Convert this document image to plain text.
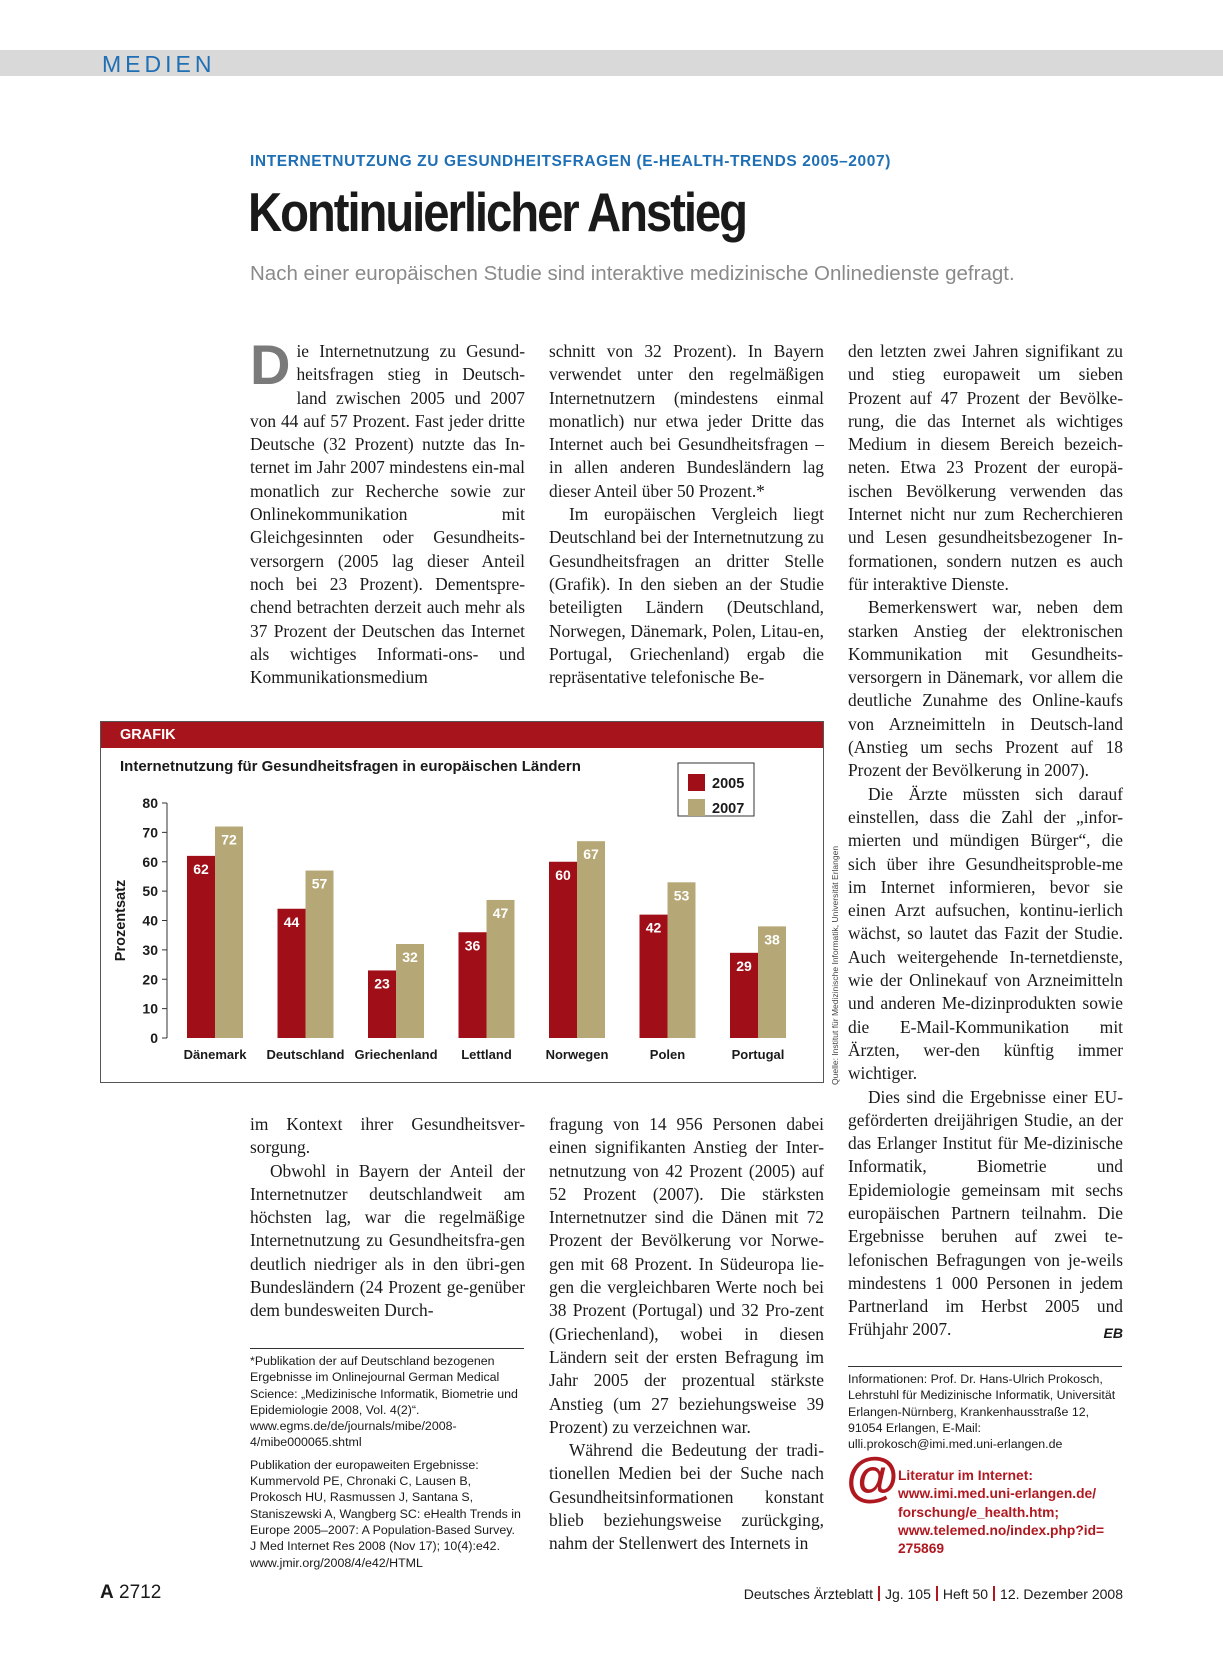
MEDIEN
INTERNETNUTZUNG ZU GESUNDHEITSFRAGEN (E-HEALTH-TRENDS 2005–2007)
Kontinuierlicher Anstieg
Nach einer europäischen Studie sind interaktive medizinische Onlinedienste gefragt.

Die Internetnutzung zu Gesund-heitsfragen stieg in Deutsch-land zwischen 2005 und 2007 von 44 auf 57 Prozent. Fast jeder dritte Deutsche (32 Prozent) nutzte das In-ternet im Jahr 2007 mindestens ein-mal monatlich zur Recherche sowie zur Onlinekommunikation mit Gleichgesinnten oder Gesundheits-versorgern (2005 lag dieser Anteil noch bei 23 Prozent). Dementspre-chend betrachten derzeit auch mehr als 37 Prozent der Deutschen das Internet als wichtiges Informati-ons- und Kommunikationsmedium

schnitt von 32 Prozent). In Bayern verwendet unter den regelmäßigen Internetnutzern (mindestens einmal monatlich) nur etwa jeder Dritte das Internet auch bei Gesundheitsfragen – in allen anderen Bundesländern lag dieser Anteil über 50 Prozent.*

Im europäischen Vergleich liegt Deutschland bei der Internetnutzung zu Gesundheitsfragen an dritter Stelle (Grafik). In den sieben an der Studie beteiligten Ländern (Deutschland, Norwegen, Dänemark, Polen, Litau-en, Portugal, Griechenland) ergab die repräsentative telefonische Be-

den letzten zwei Jahren signifikant zu und stieg europaweit um sieben Prozent auf 47 Prozent der Bevölke-rung, die das Internet als wichtiges Medium in diesem Bereich bezeich-neten. Etwa 23 Prozent der europä-ischen Bevölkerung verwenden das Internet nicht nur zum Recherchieren und Lesen gesundheitsbezogener In-formationen, sondern nutzen es auch für interaktive Dienste.

Bemerkenswert war, neben dem starken Anstieg der elektronischen Kommunikation mit Gesundheits-versorgern in Dänemark, vor allem die deutliche Zunahme des Online-kaufs von Arzneimitteln in Deutsch-land (Anstieg um sechs Prozent auf 18 Prozent der Bevölkerung in 2007).

Die Ärzte müssten sich darauf einstellen, dass die Zahl der „infor-mierten und mündigen Bürger“, die sich über ihre Gesundheitsproble-me im Internet informieren, bevor sie einen Arzt aufsuchen, kontinu-ierlich wächst, so lautet das Fazit der Studie. Auch weitergehende In-ternetdienste, wie der Onlinekauf von Arzneimitteln und anderen Me-dizinprodukten sowie die E-Mail-Kommunikation mit Ärzten, wer-den künftig immer wichtiger.

Dies sind die Ergebnisse einer EU-geförderten dreijährigen Studie, an der das Erlanger Institut für Me-dizinische Informatik, Biometrie und Epidemiologie gemeinsam mit sechs europäischen Partnern teilnahm. Die Ergebnisse beruhen auf zwei te-lefonischen Befragungen von je-weils mindestens 1 000 Personen in jedem Partnerland im Herbst 2005 und Frühjahr 2007.	EB
GRAFIK
Internetnutzung für Gesundheitsfragen in europäischen Ländern
0
10
20
30
40
50
60
70
80
Prozentsatz
62
72
Dänemark
44
57
Deutschland
23
32
Griechenland
36
47
Lettland
60
67
Norwegen
42
53
Polen
29
38
Portugal
2005
2007
Quelle: Institut für Medizinische Informatik, Universität Erlangen

im Kontext ihrer Gesundheitsver-sorgung.

Obwohl in Bayern der Anteil der Internetnutzer deutschlandweit am höchsten lag, war die regelmäßige Internetnutzung zu Gesundheitsfra-gen deutlich niedriger als in den übri-gen Bundesländern (24 Prozent ge-genüber dem bundesweiten Durch-

fragung von 14 956 Personen dabei einen signifikanten Anstieg der Inter-netnutzung von 42 Prozent (2005) auf 52 Prozent (2007). Die stärksten Internetnutzer sind die Dänen mit 72 Prozent der Bevölkerung vor Norwe-gen mit 68 Prozent. In Südeuropa lie-gen die vergleichbaren Werte noch bei 38 Prozent (Portugal) und 32 Pro-zent (Griechenland), wobei in diesen Ländern seit der ersten Befragung im Jahr 2005 der prozentual stärkste Anstieg (um 27 beziehungsweise 39 Prozent) zu verzeichnen war.

Während die Bedeutung der tradi-tionellen Medien bei der Suche nach Gesundheitsinformationen konstant blieb beziehungsweise zurückging, nahm der Stellenwert des Internets in

*Publikation der auf Deutschland bezogenen Ergebnisse im Onlinejournal German Medical Science: „Medizinische Informatik, Biometrie und Epidemiologie 2008, Vol. 4(2)“. www.egms.de/de/journals/mibe/2008-4/mibe000065.shtml

Publikation der europaweiten Ergebnisse: Kummervold PE, Chronaki C, Lausen B, Prokosch HU, Rasmussen J, Santana S, Staniszewski A, Wangberg SC: eHealth Trends in Europe 2005–2007: A Population-Based Survey. J Med Internet Res 2008 (Nov 17); 10(4):e42. www.jmir.org/2008/4/e42/HTML

Informationen: Prof. Dr. Hans-Ulrich Prokosch, Lehrstuhl für Medizinische Informatik, Universität Erlangen-Nürnberg, Krankenhausstraße 12, 91054 Erlangen, E-Mail: ulli.prokosch@imi.med.uni-erlangen.de
@ Literatur im Internet:
www.imi.med.uni-erlangen.de/
forschung/e_health.htm;
www.telemed.no/index.php?id=
275869
A 2712	Deutsches Ärzteblatt Jg. 105 Heft 50 12. Dezember 2008
